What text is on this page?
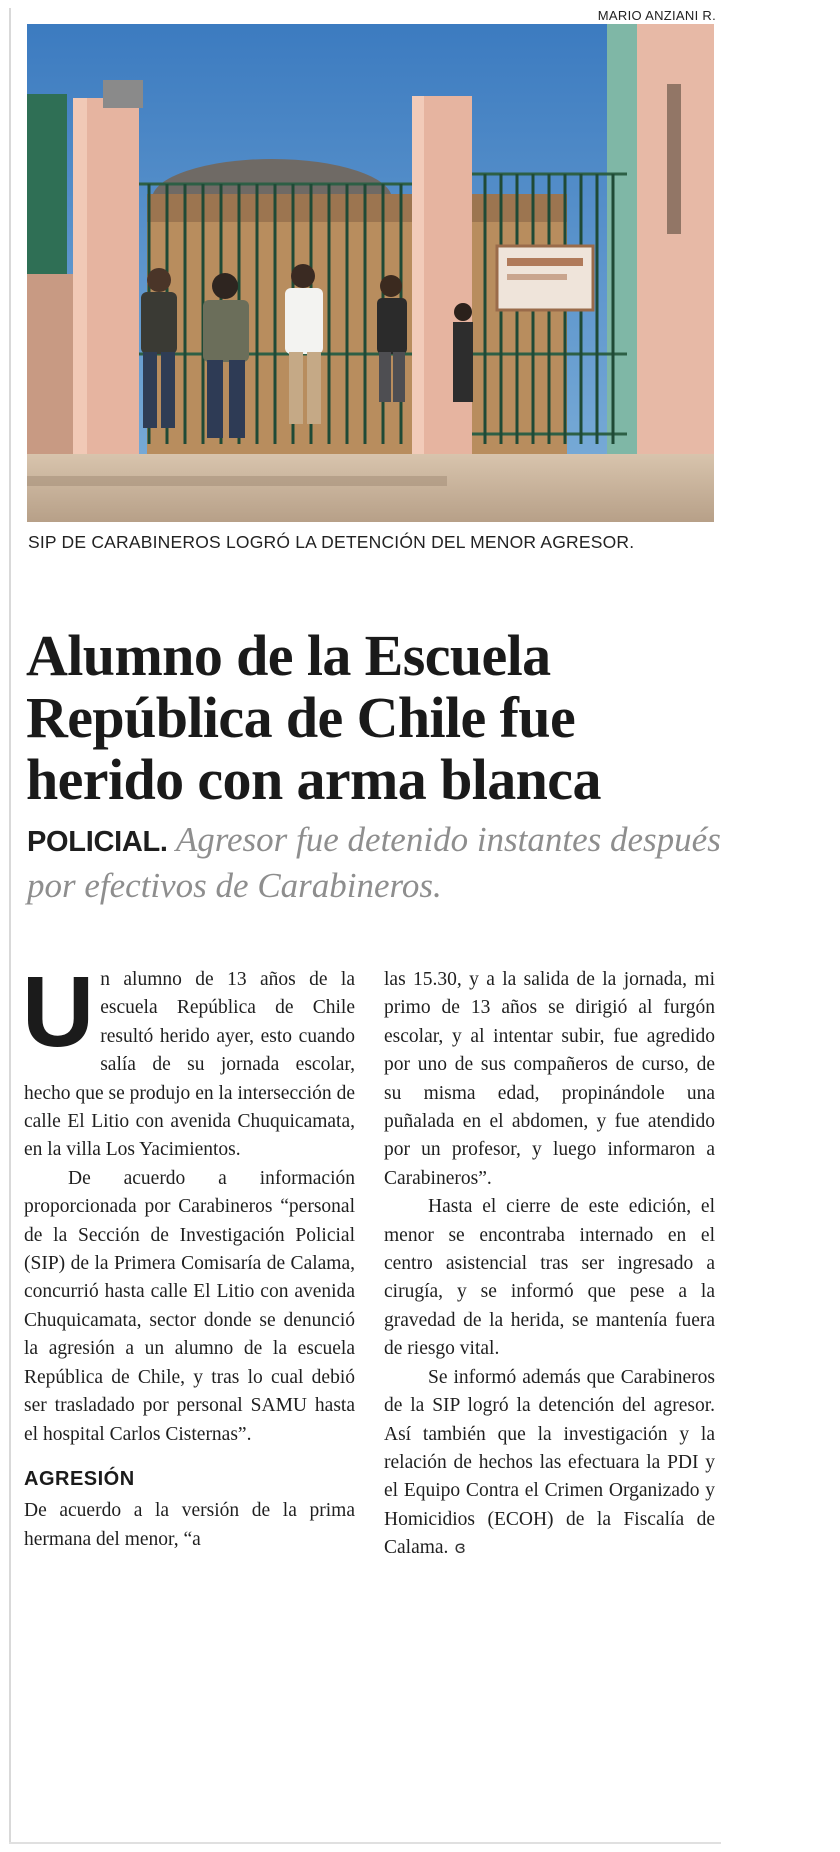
MARIO ANZIANI R.
SIP DE CARABINEROS LOGRÓ LA DETENCIÓN DEL MENOR AGRESOR.
Alumno de la Escuela
República de Chile fue
herido con arma blanca
POLICIAL. Agresor fue detenido instantes después por efectivos de Carabineros.

Un alumno de 13 años de la escuela República de Chile resultó herido ayer, esto cuando salía de su jornada escolar, hecho que se produjo en la intersección de calle El Litio con avenida Chuquicamata, en la villa Los Yacimientos.

De acuerdo a información proporcionada por Carabineros “personal de la Sección de Investigación Policial (SIP) de la Primera Comisaría de Calama, concurrió hasta calle El Litio con avenida Chuquicamata, sector donde se denunció la agresión a un alumno de la escuela República de Chile, y tras lo cual debió ser trasladado por personal SAMU hasta el hospital Carlos Cisternas”.

AGRESIÓN

De acuerdo a la versión de la prima hermana del menor, “a

las 15.30, y a la salida de la jornada, mi primo de 13 años se dirigió al furgón escolar, y al intentar subir, fue agredido por uno de sus compañeros de curso, de su misma edad, propinándole una puñalada en el abdomen, y fue atendido por un profesor, y luego informaron a Carabineros”.

Hasta el cierre de este edición, el menor se encontraba internado en el centro asistencial tras ser ingresado a cirugía, y se informó que pese a la gravedad de la herida, se mantenía fuera de riesgo vital.

Se informó además que Carabineros de la SIP logró la detención del agresor. Así también que la investigación y la relación de hechos las efectuara la PDI y el Equipo Contra el Crimen Organizado y Homicidios (ECOH) de la Fiscalía de Calama. ɞ
